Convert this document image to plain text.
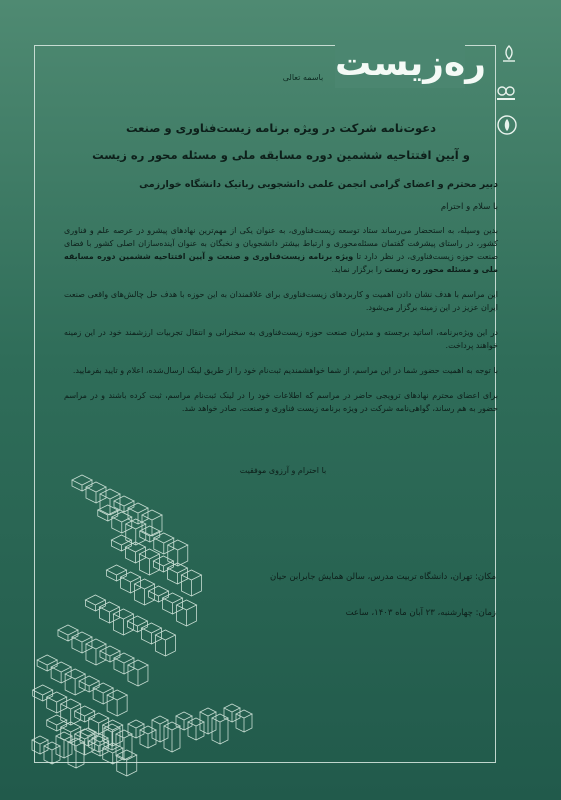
ره‌زیست
باسمه تعالی

دعوت‌نامه شرکت در ویژه برنامه زیست‌فناوری و صنعت

و آیین افتتاحیه ششمین دوره مسابقه ملی و مسئله محور ره زیست

دبیر محترم و اعضای گرامی انجمن علمی دانشجویی رباتیک دانشگاه خوارزمی

با سلام و احترام

بدین وسیله، به استحضار می‌رساند ستاد توسعه زیست‌فناوری، به عنوان یکی از مهم‌ترین نهادهای پیشرو در عرصه علم و فناوری کشور، در راستای پیشرفت گفتمان مسئله‌محوری و ارتباط بیشتر دانشجویان و نخبگان به عنوان آینده‌سازان اصلی کشور با فضای صنعت حوزه زیست‌فناوری، در نظر دارد تا ویژه برنامه زیست‌فناوری و صنعت و آیین افتتاحیه ششمین دوره مسابقه ملی و مسئله محور ره زیست را برگزار نماید.

این مراسم با هدف نشان دادن اهمیت و کاربردهای زیست‌فناوری برای علاقمندان به این حوزه با هدف حل چالش‌های واقعی صنعت ایران عزیز در این زمینه برگزار می‌شود.

در این ویژه‌برنامه، اساتید برجسته و مدیران صنعت حوزه زیست‌فناوری به سخنرانی و انتقال تجربیات ارزشمند خود در این زمینه خواهند پرداخت.

با توجه به اهمیت حضور شما در این مراسم، از شما خواهشمندیم ثبت‌نام خود را از طریق لینک ارسال‌شده، اعلام و تایید بفرمایید.

برای اعضای محترم نهادهای ترویجی حاضر در مراسم که اطلاعات خود را در لینک ثبت‌نام مراسم، ثبت کرده باشند و در مراسم حضور به هم رساند، گواهی‌نامه شرکت در ویژه برنامه زیست فناوری و صنعت، صادر خواهد شد.

با احترام و آرزوی موفقیت
مکان: تهران، دانشگاه تربیت مدرس، سالن همایش جابرابن حیان
زمان: چهارشنبه، ۲۳ آبان ماه ۱۴۰۳، ساعت
